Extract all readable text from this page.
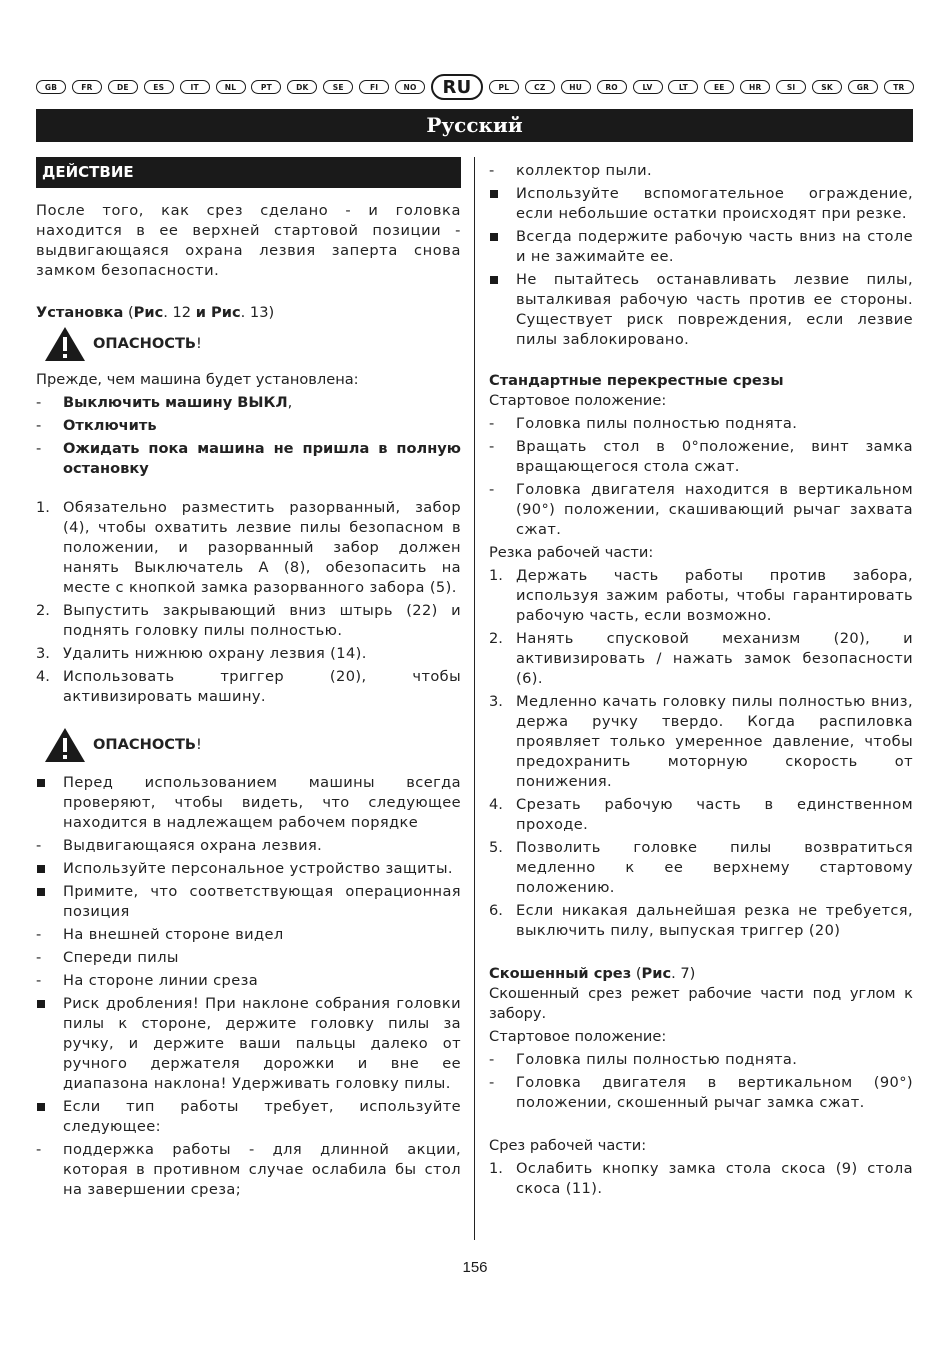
GB	FR	DE	ES	IT	NL	PT	DK	SE	FI	NO	RU	PL	CZ	HU	RO	LV	LT	EE	HR	SI	SK	GR	TR
Русский
ДЕЙСТВИЕ

После того, как срез сделано - и головка находится в ее верхней стартовой позиции - выдвигающаяся охрана лезвия заперта снова замком безопасности.

Установка (Рис. 12 и Рис. 13)

ОПАСНОСТЬ!

Прежде, чем машина будет установлена:

-	Выключить машину ВЫКЛ,
-	Отключить
-	Ожидать пока машина не пришла в полную остановку
1. Обязательно разместить разорванный, забор (4), чтобы охватить лезвие пилы безопасном в положении, и разорванный забор должен нанять Выключатель А (8), обезопасить на месте с кнопкой замка разорванного забора (5).
2. Выпустить закрывающий вниз штырь (22) и поднять головку пилы полностью.
3. Удалить нижнюю охрану лезвия (14).
4. Использовать триггер (20), чтобы активизировать машину.
ОПАСНОСТЬ!
Перед использованием машины всегда проверяют, чтобы видеть, что следующее находится в надлежащем рабочем порядке
-	Выдвигающаяся охрана лезвия.
Используйте персональное устройство защиты.
Примите, что соответствующая операционная позиция
-	На внешней стороне видел
-	Спереди пилы
-	На стороне линии среза
Риск дробления! При наклоне собрания головки пилы к стороне, держите головку пилы за ручку, и держите ваши пальцы далеко от ручного держателя дорожки и вне ее диапазона наклона! Удерживать головку пилы.
Если тип работы требует, используйте следующее:
-	поддержка работы - для длинной акции, которая в противном случае ослабила бы стол на завершении среза;
-	коллектор пыли.
Используйте вспомогательное ограждение, если небольшие остатки происходят при резке.
Всегда подержите рабочую часть вниз на столе и не зажимайте ее.
Не пытайтесь останавливать лезвие пилы, выталкивая рабочую часть против ее стороны. Существует риск повреждения, если лезвие пилы заблокировано.

Стандартные перекрестные срезы

Стартовое положение:

-	Головка пилы полностью поднята.
-	Вращать стол в 0°положение, винт замка вращающегося стола сжат.
-	Головка двигателя находится в вертикальном (90°) положении, скашивающий рычаг захвата сжат.

Резка рабочей части:

1. Держать часть работы против забора, используя зажим работы, чтобы гарантировать рабочую часть, если возможно.
2. Нанять спусковой механизм (20), и активизировать / нажать замок безопасности (6).
3. Медленно качать головку пилы полностью вниз, держа ручку твердо. Когда распиловка проявляет только умеренное давление, чтобы предохранить моторную скорость от понижения.
4. Срезать рабочую часть в единственном проходе.
5. Позволить головке пилы возвратиться медленно к ее верхнему стартовому положению.
6. Если никакая дальнейшая резка не требуется, выключить пилу, выпуская триггер (20)

Скошенный срез (Рис. 7)

Скошенный срез режет рабочие части под углом к забору.

Стартовое положение:

-	Головка пилы полностью поднята.
-	Головка двигателя в вертикальном (90°) положении, скошенный рычаг замка сжат.

Срез рабочей части:

1. Ослабить кнопку замка стола скоса (9) стола скоса (11).
156
